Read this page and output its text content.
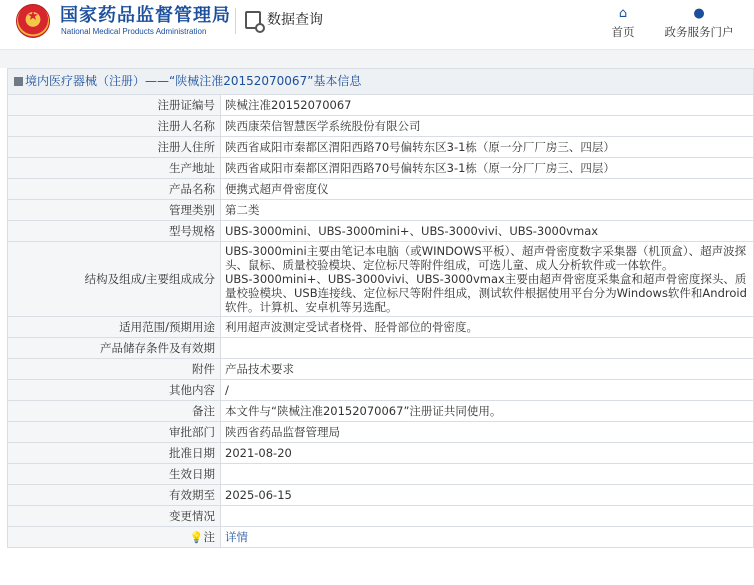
★	国家药品监督管理局
National Medical Products Administration
数据查询	⌂
首页
●
政务服务门户
境内医疗器械（注册）——“陕械注准20152070067”基本信息
注册证编号	陕械注准20152070067
注册人名称	陕西康荣信智慧医学系统股份有限公司
注册人住所	陕西省咸阳市秦都区渭阳西路70号偏转东区3-1栋（原一分厂厂房三、四层）
生产地址	陕西省咸阳市秦都区渭阳西路70号偏转东区3-1栋（原一分厂厂房三、四层）
产品名称	便携式超声骨密度仪
管理类别	第二类
型号规格	UBS-3000mini、UBS-3000mini+、UBS-3000vivi、UBS-3000vmax
结构及组成/主要组成成分	UBS-3000mini主要由笔记本电脑（或WINDOWS平板）、超声骨密度数字采集器（机顶盒）、超声波探头、鼠标、质量校验模块、定位标尺等附件组成，可选儿童、成人分析软件或一体软件。
UBS-3000mini+、UBS-3000vivi、UBS-3000vmax主要由超声骨密度采集盒和超声骨密度探头、质量校验模块、USB连接线、定位标尺等附件组成，测试软件根据使用平台分为Windows软件和Android软件。计算机、安卓机等另选配。

适用范围/预期用途	利用超声波测定受试者桡骨、胫骨部位的骨密度。
产品储存条件及有效期	
附件	产品技术要求
其他内容	/
备注	本文件与“陕械注准20152070067”注册证共同使用。
审批部门	陕西省药品监督管理局
批准日期	2021-08-20
生效日期	
有效期至	2025-06-15
变更情况	
💡注	详情
